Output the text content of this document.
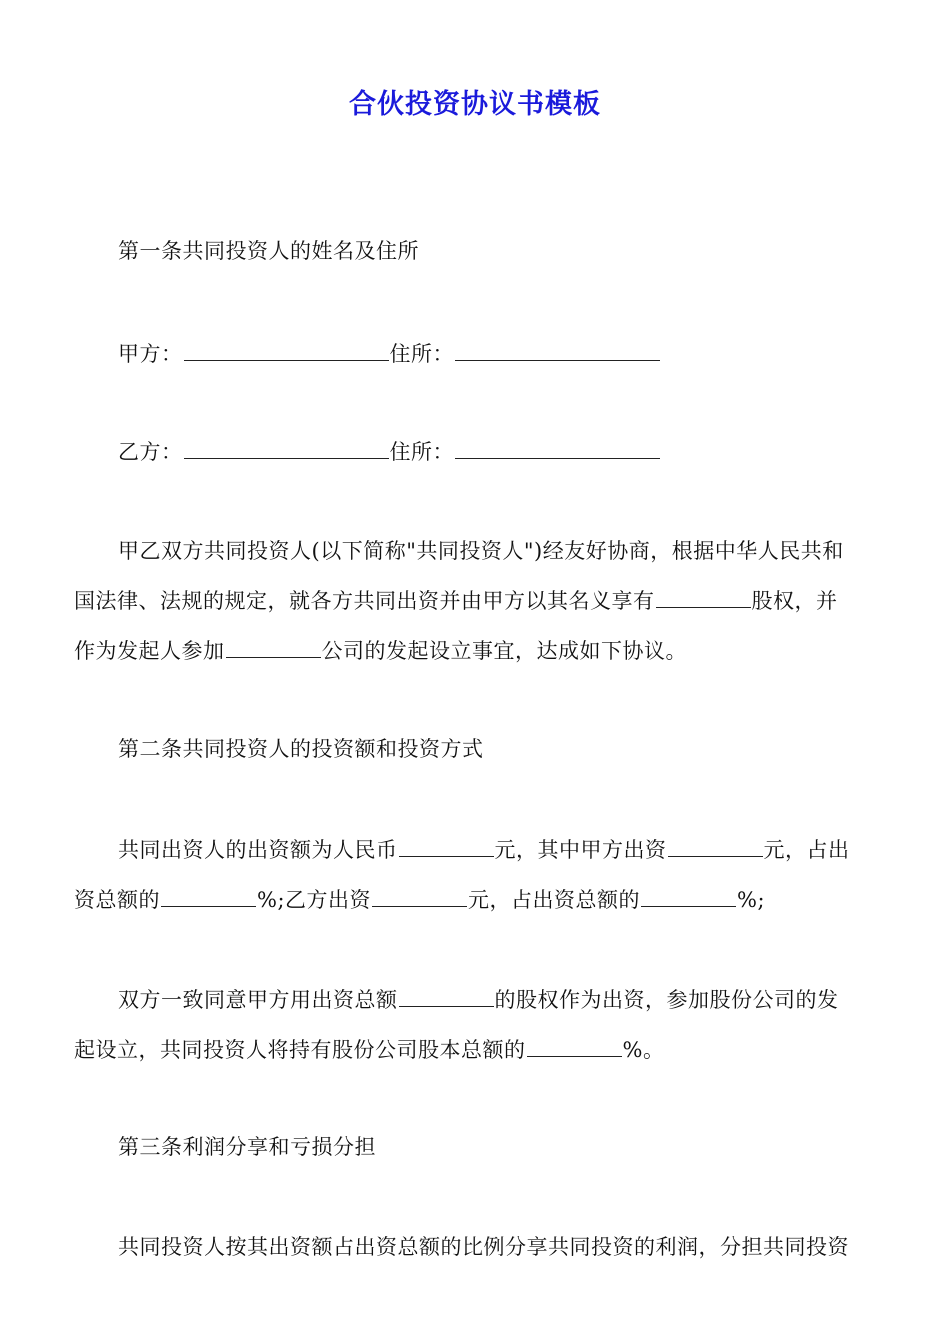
合伙投资协议书模板
第一条共同投资人的姓名及住所
甲方：	住所：
乙方：	住所：
甲乙双方共同投资人(以下简称"共同投资人")经友好协商，根据中华人民共和
国法律、法规的规定，就各方共同出资并由甲方以其名义享有	股权，并
作为发起人参加	公司的发起设立事宜，达成如下协议。
第二条共同投资人的投资额和投资方式
共同出资人的出资额为人民币	元，其中甲方出资	元，占出
资总额的	%;乙方出资	元，占出资总额的	%;
双方一致同意甲方用出资总额	的股权作为出资，参加股份公司的发
起设立，共同投资人将持有股份公司股本总额的	%。
第三条利润分享和亏损分担
共同投资人按其出资额占出资总额的比例分享共同投资的利润，分担共同投资
